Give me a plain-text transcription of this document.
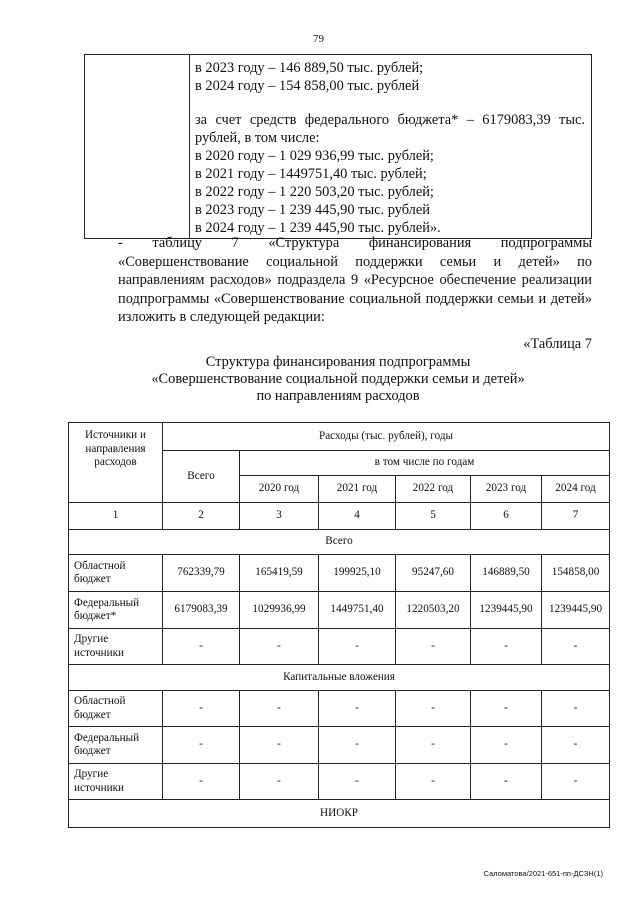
79

в 2023 году – 146 889,50 тыс. рублей;
в 2024 году – 154 858,00 тыс. рублей
за счет средств федерального бюджета* – 6179083,39 тыс. рублей, в том числе:
в 2020 году – 1 029 936,99 тыс. рублей;
в 2021 году – 1449751,40 тыс. рублей;
в 2022 году – 1 220 503,20 тыс. рублей;
в 2023 году – 1 239 445,90 тыс. рублей
в 2024 году – 1 239 445,90 тыс. рублей».
- таблицу 7 «Структура финансирования подпрограммы «Совершенствование социальной поддержки семьи и детей» по направлениям расходов» подраздела 9 «Ресурсное обеспечение реализации подпрограммы «Совершенствование социальной поддержки семьи и детей» изложить в следующей редакции:
«Таблица 7
Структура финансирования подпрограммы
«Совершенствование социальной поддержки семьи и детей»
по направлениям расходов
Источники и направления расходов	Расходы (тыс. рублей), годы					
	Всего	в том числе по годам				
		2020 год	2021 год	2022 год	2023 год	2024 год
1	2	3	4	5	6	7
Всего						
Областной бюджет	762339,79	165419,59	199925,10	95247,60	146889,50	154858,00
Федеральный бюджет*	6179083,39	1029936,99	1449751,40	1220503,20	1239445,90	1239445,90
Другие источники	-	-	-	-	-	-
Капитальные вложения						
Областной бюджет	-	-	-	-	-	-
Федеральный бюджет	-	-	-	-	-	-
Другие источники	-	-	-	-	-	-
НИОКР						
Саломатова/2021-651-пп-ДСЗН(1)
